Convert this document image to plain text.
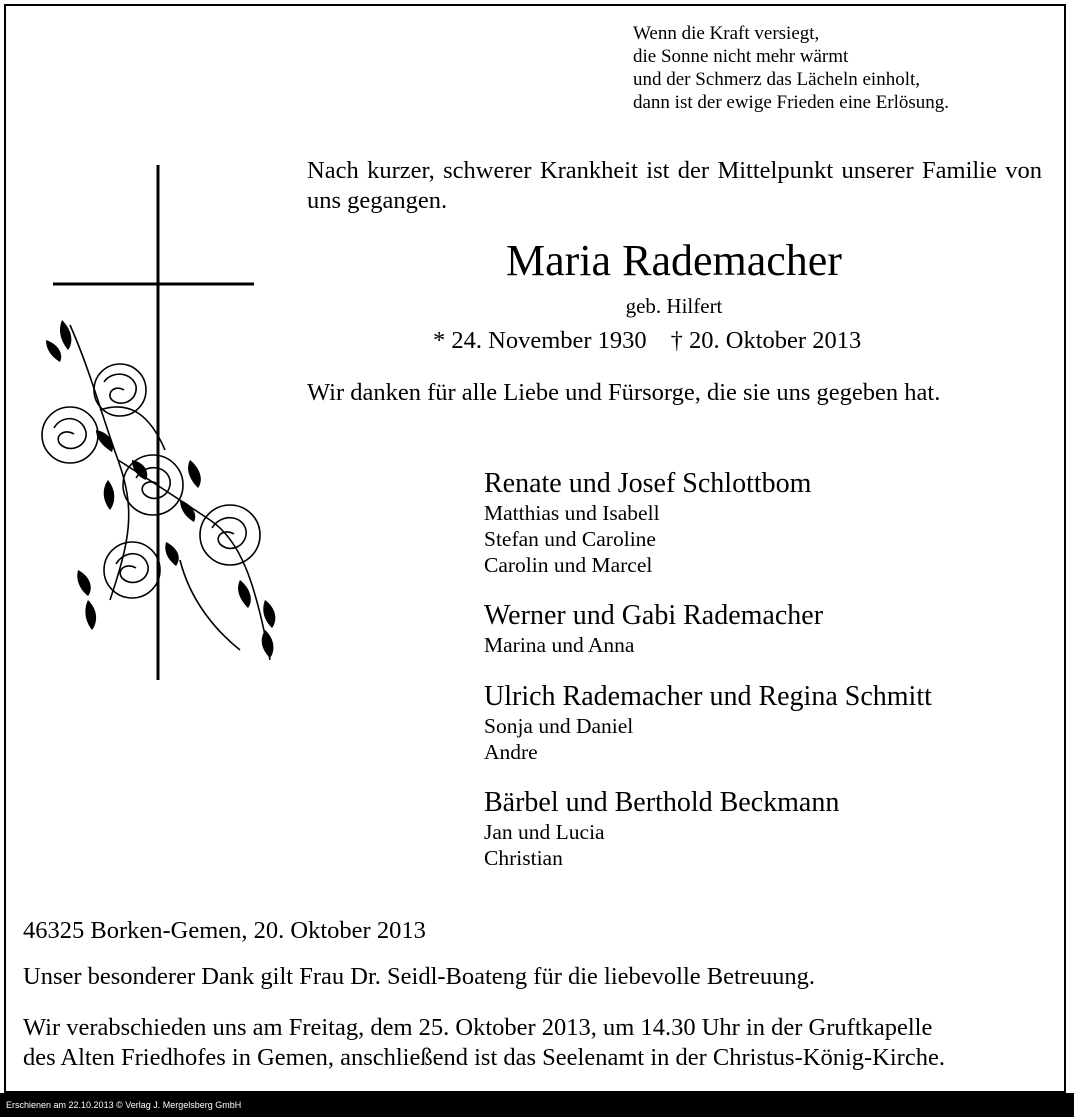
Wenn die Kraft versiegt,
die Sonne nicht mehr wärmt
und der Schmerz das Lächeln einholt,
dann ist der ewige Frieden eine Erlösung.
Nach kurzer, schwerer Krankheit ist der Mittelpunkt unserer Familie von uns gegangen.
Maria Rademacher
geb. Hilfert
* 24. November 1930 † 20. Oktober 2013
Wir danken für alle Liebe und Fürsorge, die sie uns gegeben hat.
Renate und Josef Schlottbom
Matthias und Isabell
Stefan und Caroline
Carolin und Marcel
Werner und Gabi Rademacher
Marina und Anna
Ulrich Rademacher und Regina Schmitt
Sonja und Daniel
Andre
Bärbel und Berthold Beckmann
Jan und Lucia
Christian
46325 Borken-Gemen, 20. Oktober 2013
Unser besonderer Dank gilt Frau Dr. Seidl-Boateng für die liebevolle Betreuung.
Wir verabschieden uns am Freitag, dem 25. Oktober 2013, um 14.30 Uhr in der Gruftkapelle
des Alten Friedhofes in Gemen, anschließend ist das Seelenamt in der Christus-König-Kirche.
Erschienen am 22.10.2013 © Verlag J. Mergelsberg GmbH
